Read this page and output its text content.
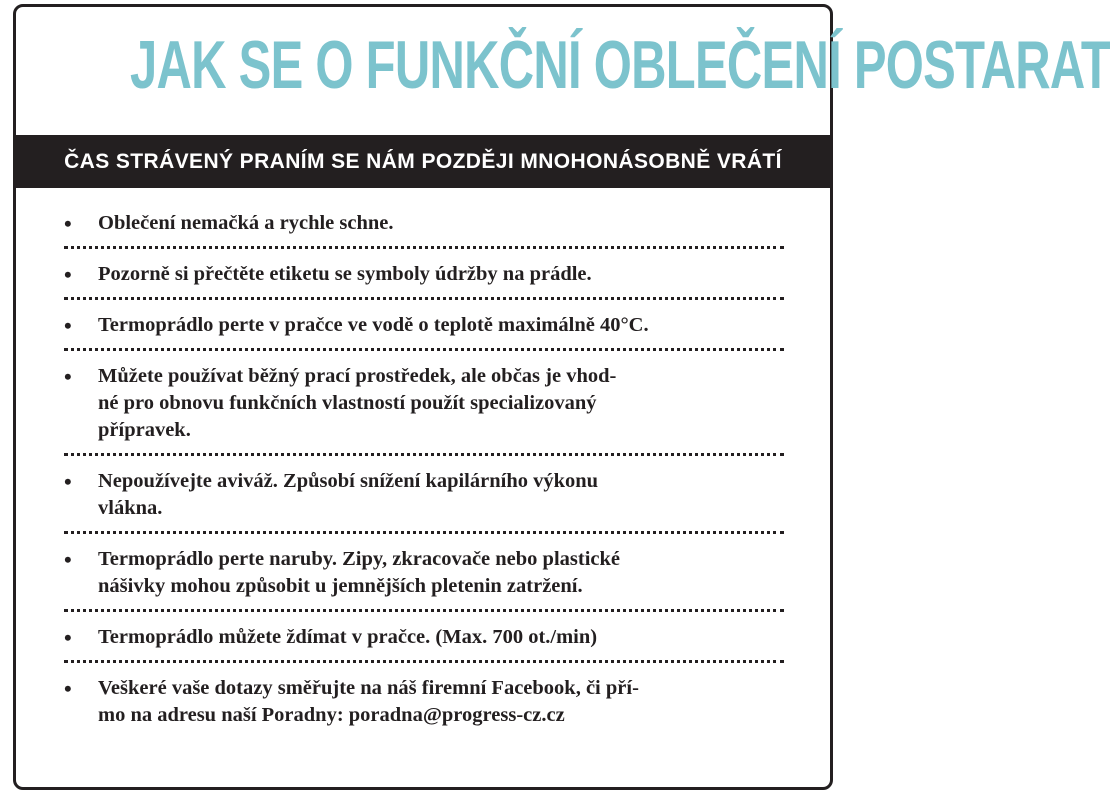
JAK SE O FUNKČNÍ OBLEČENÍ POSTARAT
ČAS STRÁVENÝ PRANÍM SE NÁM POZDĚJI MNOHONÁSOBNĚ VRÁTÍ
• Oblečení nemačká a rychle schne.
• Pozorně si přečtěte etiketu se symboly údržby na prádle.
• Termoprádlo perte v pračce ve vodě o teplotě maximálně 40°C.
• Můžete používat běžný prací prostředek, ale občas je vhod-
né pro obnovu funkčních vlastností použít specializovaný
přípravek.
• Nepoužívejte aviváž. Způsobí snížení kapilárního výkonu
vlákna.
• Termoprádlo perte naruby. Zipy, zkracovače nebo plastické
nášivky mohou způsobit u jemnějších pletenin zatržení.
• Termoprádlo můžete ždímat v pračce. (Max. 700 ot./min)
• Veškeré vaše dotazy směřujte na náš firemní Facebook, či pří-
mo na adresu naší Poradny: poradna@progress-cz.cz
